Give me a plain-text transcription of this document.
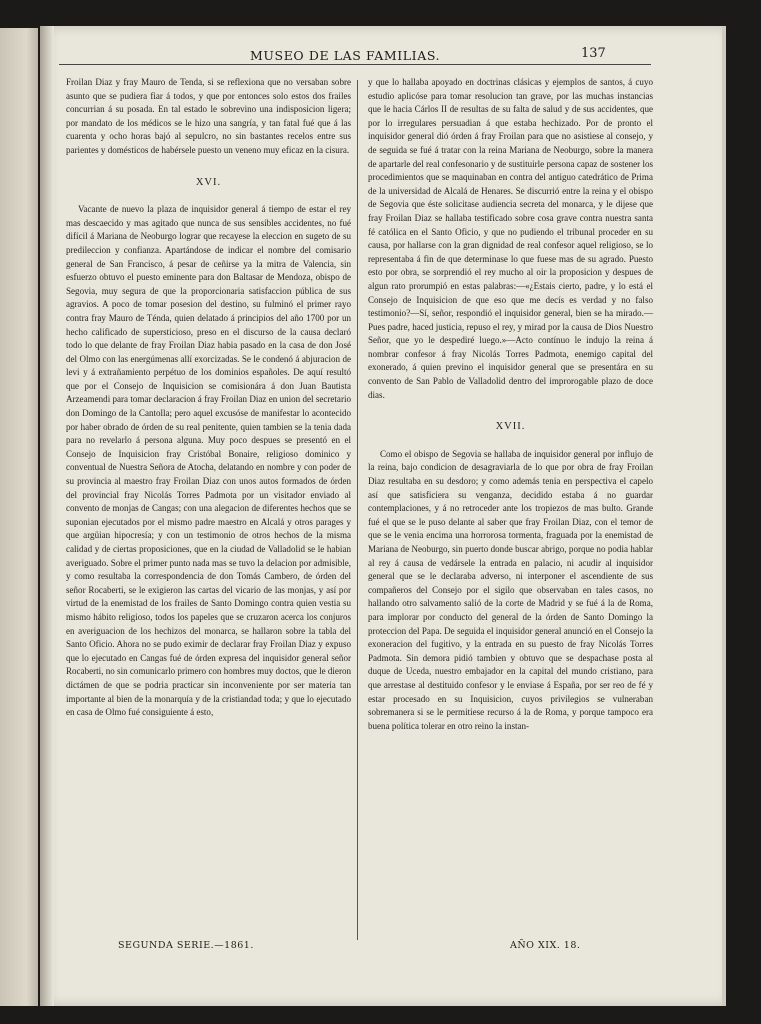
MUSEO DE LAS FAMILIAS.	137

Froilan Diaz y fray Mauro de Tenda, si se reflexiona que no versaban sobre asunto que se pudiera fiar á todos, y que por entonces solo estos dos frailes concurrian á su posada. En tal estado le sobrevino una indisposicion ligera; por mandato de los médicos se le hizo una sangría, y tan fatal fué que á las cuarenta y ocho horas bajó al sepulcro, no sin bastantes recelos entre sus parientes y domésticos de habérsele puesto un veneno muy eficaz en la cisura.

XVI.

Vacante de nuevo la plaza de inquisidor general á tiempo de estar el rey mas descaecido y mas agitado que nunca de sus sensibles accidentes, no fué difícil á Mariana de Neoburgo lograr que recayese la eleccion en sugeto de su predileccion y confianza. Apartándose de indicar el nombre del comisario general de San Francisco, á pesar de ceñirse ya la mitra de Valencia, sin esfuerzo obtuvo el puesto eminente para don Baltasar de Mendoza, obispo de Segovia, muy segura de que la proporcionaria satisfaccion pública de sus agravios. A poco de tomar posesion del destino, su fulminó el primer rayo contra fray Mauro de Ténda, quien delatado á principios del año 1700 por un hecho calificado de supersticioso, preso en el discurso de la causa declaró todo lo que delante de fray Froilan Diaz habia pasado en la casa de don José del Olmo con las energúmenas allí exorcizadas. Se le condenó á abjuracion de levi y á extrañamiento perpétuo de los dominios españoles. De aquí resultó que por el Consejo de Inquisicion se comisionára á don Juan Bautista Arzeamendi para tomar declaracion á fray Froilan Diaz en union del secretario don Domingo de la Cantolla; pero aquel excusóse de manifestar lo acontecido por haber obrado de órden de su real penitente, quien tambien se la tenia dada para no revelarlo á persona alguna. Muy poco despues se presentó en el Consejo de Inquisicion fray Cristóbal Bonaire, religioso dominico y conventual de Nuestra Señora de Atocha, delatando en nombre y con poder de su provincia al maestro fray Froilan Diaz con unos autos formados de órden del provincial fray Nicolás Torres Padmota por un visitador enviado al convento de monjas de Cangas; con una alegacion de diferentes hechos que se suponian ejecutados por el mismo padre maestro en Alcalá y otros parages y que argüian hipocresía; y con un testimonio de otros hechos de la misma calidad y de ciertas proposiciones, que en la ciudad de Valladolid se le habian averiguado. Sobre el primer punto nada mas se tuvo la delacion por admisible, y como resultaba la correspondencia de don Tomás Cambero, de órden del señor Rocaberti, se le exigieron las cartas del vicario de las monjas, y así por virtud de la enemistad de los frailes de Santo Domingo contra quien vestia su mismo hábito religioso, todos los papeles que se cruzaron acerca los conjuros en averiguacion de los hechizos del monarca, se hallaron sobre la tabla del Santo Oficio. Ahora no se pudo eximir de declarar fray Froilan Diaz y expuso que lo ejecutado en Cangas fué de órden expresa del inquisidor general señor Rocaberti, no sin comunicarlo primero con hombres muy doctos, que le dieron dictámen de que se podria practicar sin inconveniente por ser materia tan importante al bien de la monarquía y de la cristiandad toda; y que lo ejecutado en casa de Olmo fué consiguiente á esto,

y que lo hallaba apoyado en doctrinas clásicas y ejemplos de santos, á cuyo estudio aplicóse para tomar resolucion tan grave, por las muchas instancias que le hacia Cárlos II de resultas de su falta de salud y de sus accidentes, que por lo irregulares persuadian á que estaba hechizado. Por de pronto el inquisidor general dió órden á fray Froilan para que no asistiese al consejo, y de seguida se fué á tratar con la reina Mariana de Neoburgo, sobre la manera de apartarle del real confesonario y de sustituirle persona capaz de sostener los procedimientos que se maquinaban en contra del antiguo catedrático de Prima de la universidad de Alcalá de Henares. Se discurrió entre la reina y el obispo de Segovia que éste solicitase audiencia secreta del monarca, y le dijese que fray Froilan Diaz se hallaba testificado sobre cosa grave contra nuestra santa fé católica en el Santo Oficio, y que no pudiendo el tribunal proceder en su causa, por hallarse con la gran dignidad de real confesor aquel religioso, se lo representaba á fin de que determinase lo que fuese mas de su agrado. Puesto esto por obra, se sorprendió el rey mucho al oir la proposicion y despues de algun rato prorumpió en estas palabras:—«¿Estais cierto, padre, y lo está el Consejo de Inquisicion de que eso que me decís es verdad y no falso testimonio?—Sí, señor, respondió el inquisidor general, bien se ha mirado.—Pues padre, haced justicia, repuso el rey, y mirad por la causa de Dios Nuestro Señor, que yo le despediré luego.»—Acto contínuo le indujo la reina á nombrar confesor á fray Nicolás Torres Padmota, enemigo capital del exonerado, á quien previno el inquisidor general que se presentára en su convento de San Pablo de Valladolid dentro del improrogable plazo de doce dias.

XVII.

Como el obispo de Segovia se hallaba de inquisidor general por influjo de la reina, bajo condicion de desagraviarla de lo que por obra de fray Froilan Diaz resultaba en su desdoro; y como además tenia en perspectiva el capelo así que satisficiera su venganza, decidido estaba á no guardar contemplaciones, y á no retroceder ante los tropiezos de mas bulto. Grande fué el que se le puso delante al saber que fray Froilan Diaz, con el temor de que se le venia encima una horrorosa tormenta, fraguada por la enemistad de Mariana de Neoburgo, sin puerto donde buscar abrigo, porque no podia hablar al rey á causa de vedársele la entrada en palacio, ni acudir al inquisidor general que se le declaraba adverso, ni interponer el ascendiente de sus compañeros del Consejo por el sigilo que observaban en tales casos, no hallando otro salvamento salió de la corte de Madrid y se fué á la de Roma, para implorar por conducto del general de la órden de Santo Domingo la proteccion del Papa. De seguida el inquisidor general anunció en el Consejo la exoneracion del fugitivo, y la entrada en su puesto de fray Nicolás Torres Padmota. Sin demora pidió tambien y obtuvo que se despachase posta al duque de Uceda, nuestro embajador en la capital del mundo cristiano, para que arrestase al destituido confesor y le enviase á España, por ser reo de fé y estar procesado en su Inquisicion, cuyos privilegios se vulneraban sobremanera si se le permitiese recurso á la de Roma, y porque tampoco era buena política tolerar en otro reino la instan-

SEGUNDA SERIE.—1861.	AÑO XIX. 18.
